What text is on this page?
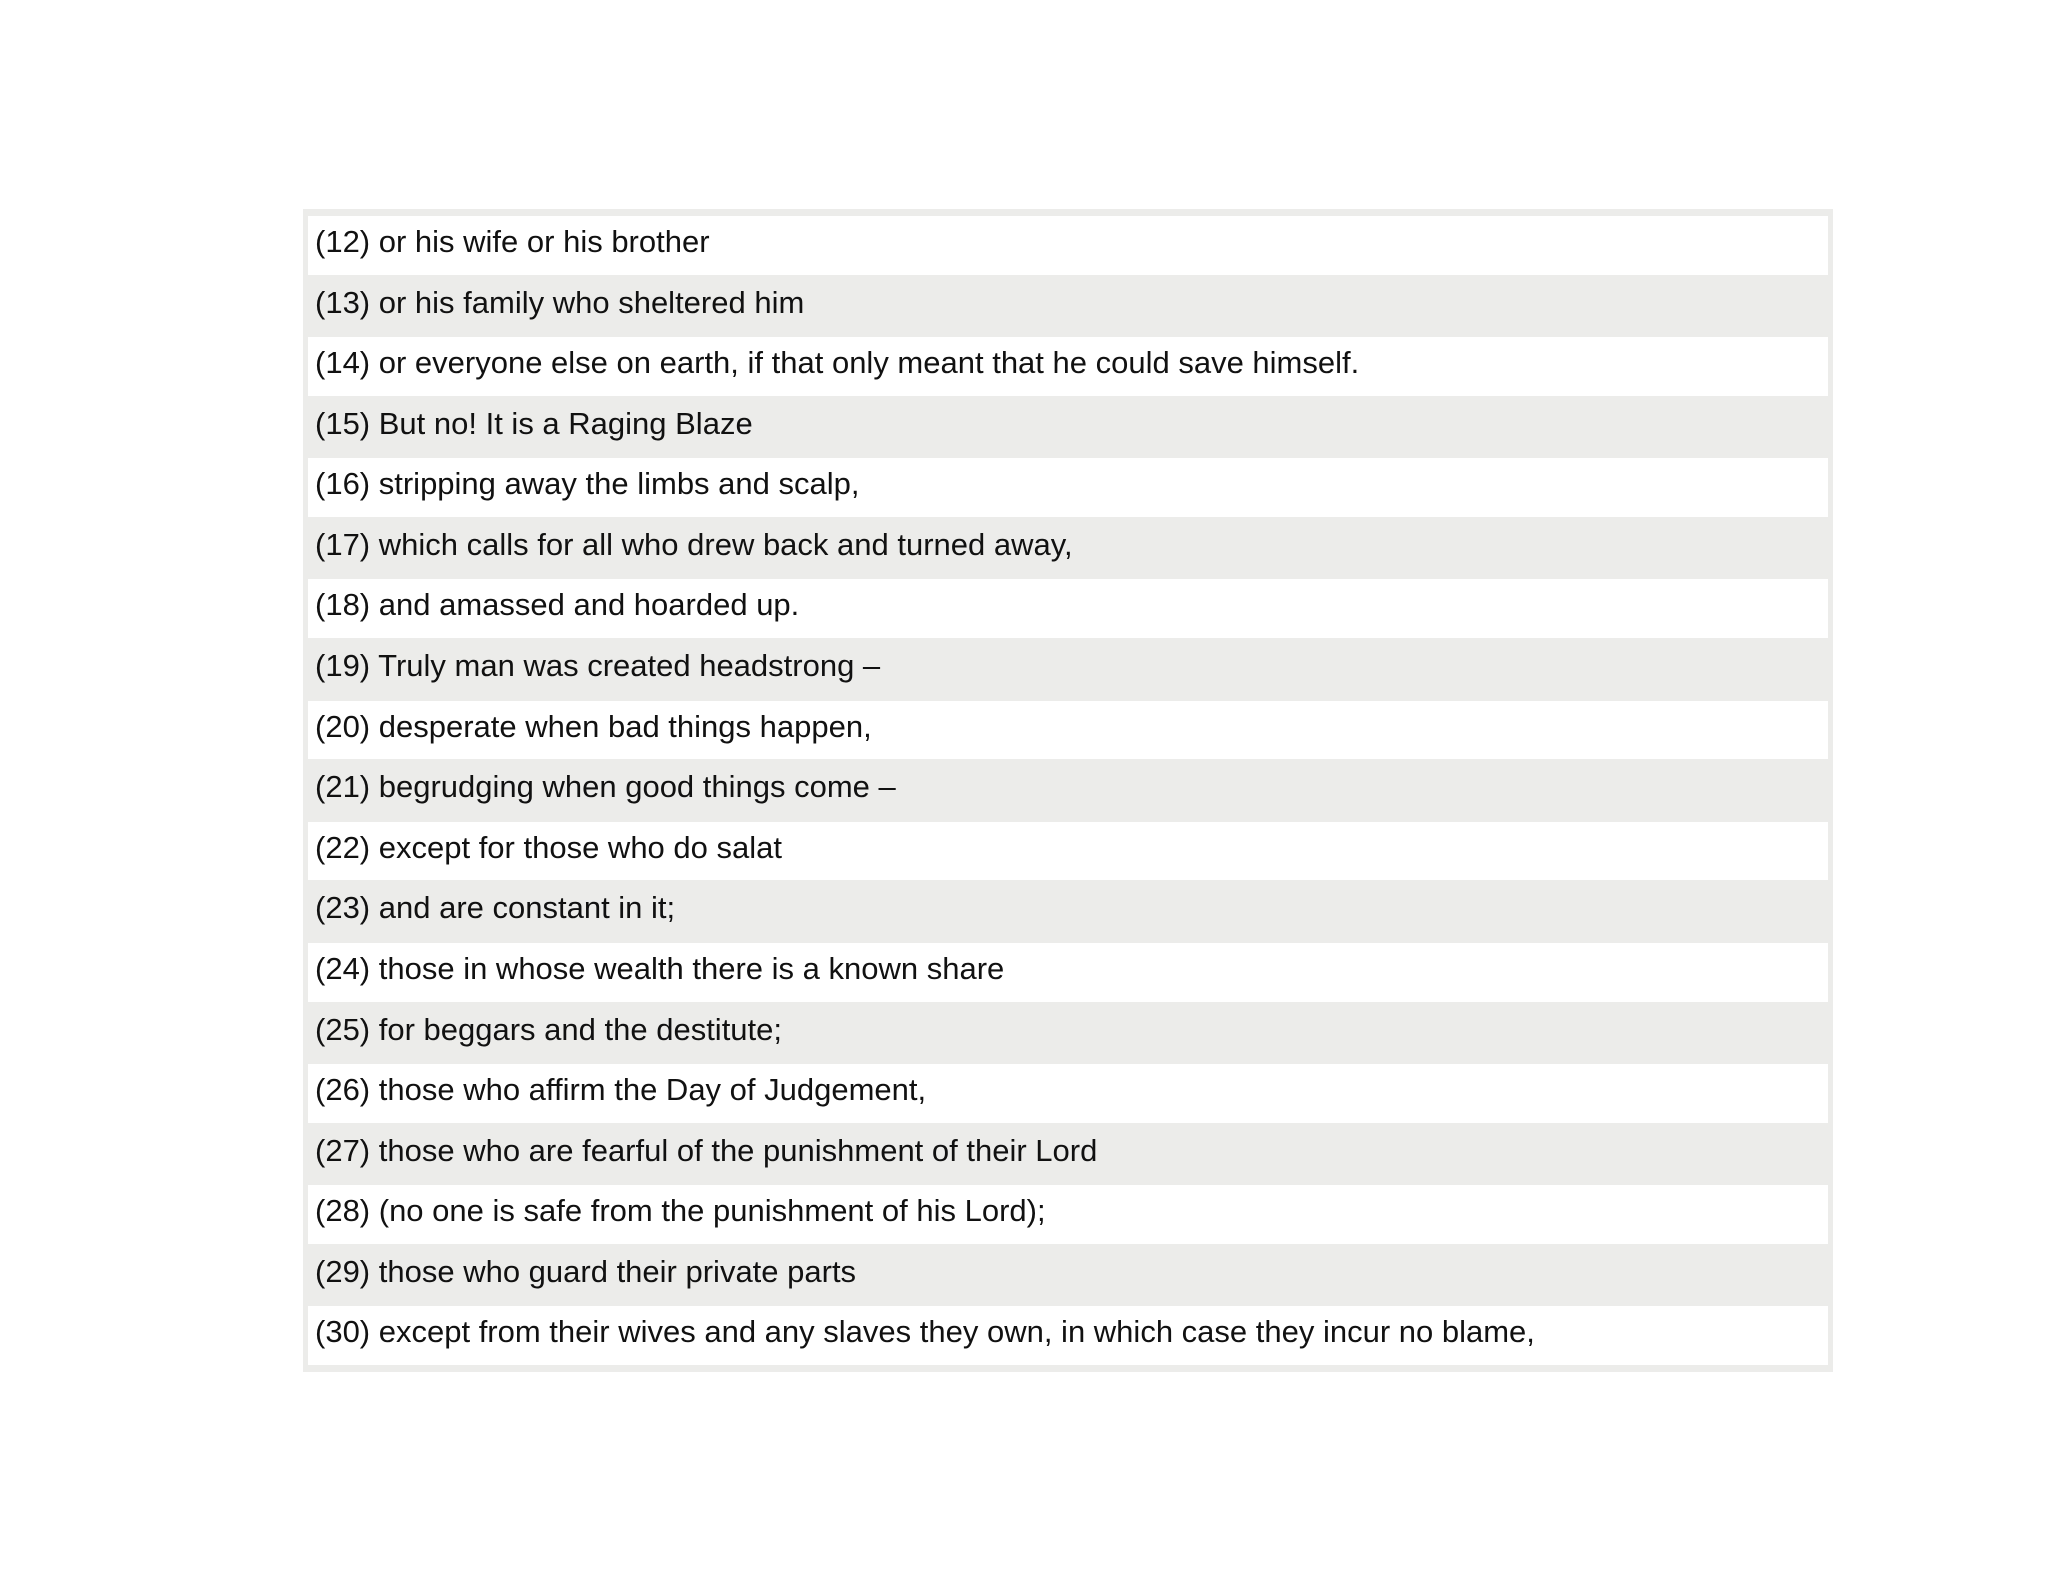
(12) or his wife or his brother
(13) or his family who sheltered him
(14) or everyone else on earth, if that only meant that he could save himself.
(15) But no! It is a Raging Blaze
(16) stripping away the limbs and scalp,
(17) which calls for all who drew back and turned away,
(18) and amassed and hoarded up.
(19) Truly man was created headstrong –
(20) desperate when bad things happen,
(21) begrudging when good things come –
(22) except for those who do salat
(23) and are constant in it;
(24) those in whose wealth there is a known share
(25) for beggars and the destitute;
(26) those who affirm the Day of Judgement,
(27) those who are fearful of the punishment of their Lord
(28) (no one is safe from the punishment of his Lord);
(29) those who guard their private parts
(30) except from their wives and any slaves they own, in which case they incur no blame,
